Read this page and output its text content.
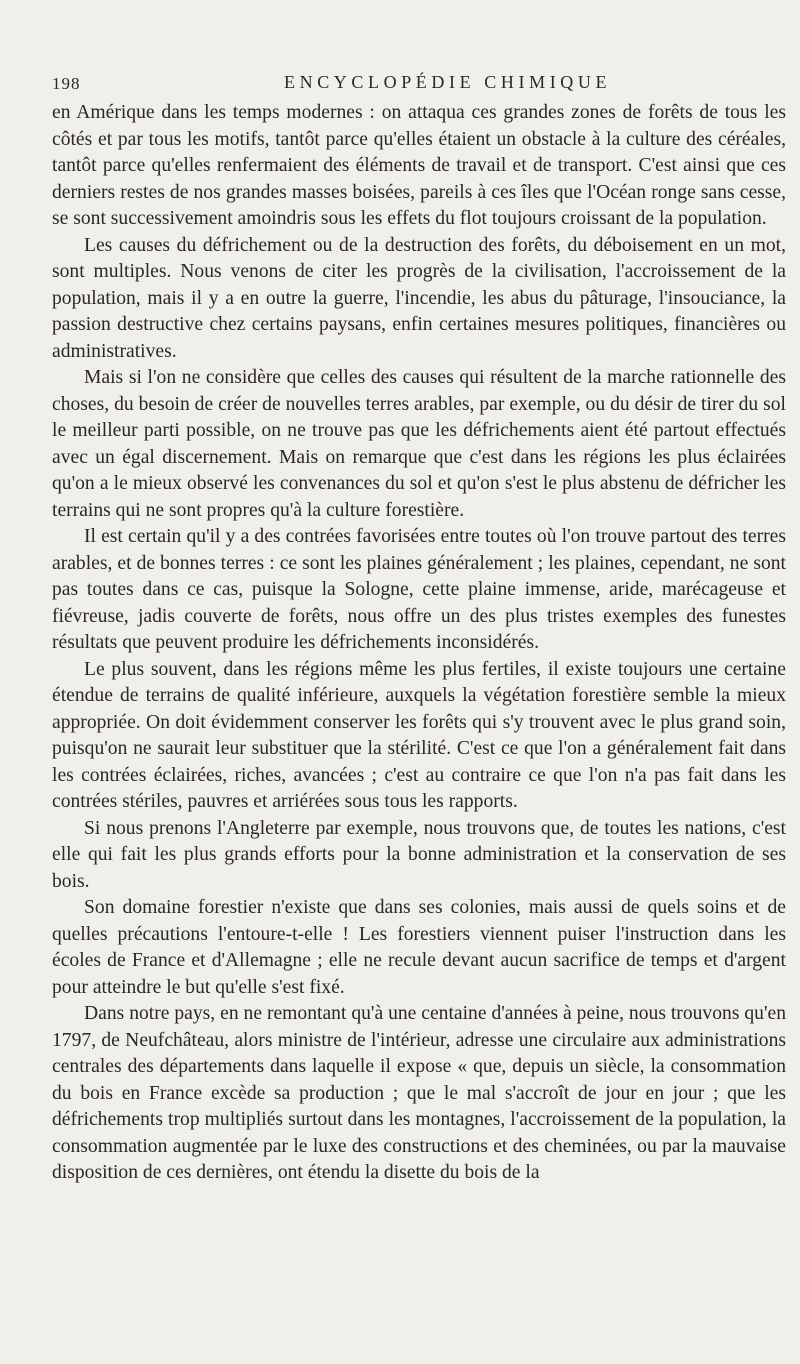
198	ENCYCLOPÉDIE CHIMIQUE

en Amérique dans les temps modernes : on attaqua ces grandes zones de forêts de tous les côtés et par tous les motifs, tantôt parce qu'elles étaient un obstacle à la culture des céréales, tantôt parce qu'elles renfermaient des éléments de travail et de transport. C'est ainsi que ces derniers restes de nos grandes masses boisées, pareils à ces îles que l'Océan ronge sans cesse, se sont successivement amoindris sous les effets du flot toujours croissant de la population.

Les causes du défrichement ou de la destruction des forêts, du déboisement en un mot, sont multiples. Nous venons de citer les progrès de la civilisation, l'accroissement de la population, mais il y a en outre la guerre, l'incendie, les abus du pâturage, l'insouciance, la passion destructive chez certains paysans, enfin certaines mesures politiques, financières ou administratives.

Mais si l'on ne considère que celles des causes qui résultent de la marche rationnelle des choses, du besoin de créer de nouvelles terres arables, par exemple, ou du désir de tirer du sol le meilleur parti possible, on ne trouve pas que les défrichements aient été partout effectués avec un égal discernement. Mais on remarque que c'est dans les régions les plus éclairées qu'on a le mieux observé les convenances du sol et qu'on s'est le plus abstenu de défricher les terrains qui ne sont propres qu'à la culture forestière.

Il est certain qu'il y a des contrées favorisées entre toutes où l'on trouve partout des terres arables, et de bonnes terres : ce sont les plaines généralement ; les plaines, cependant, ne sont pas toutes dans ce cas, puisque la Sologne, cette plaine immense, aride, marécageuse et fiévreuse, jadis couverte de forêts, nous offre un des plus tristes exemples des funestes résultats que peuvent produire les défrichements inconsidérés.

Le plus souvent, dans les régions même les plus fertiles, il existe toujours une certaine étendue de terrains de qualité inférieure, auxquels la végétation forestière semble la mieux appropriée. On doit évidemment conserver les forêts qui s'y trouvent avec le plus grand soin, puisqu'on ne saurait leur substituer que la stérilité. C'est ce que l'on a généralement fait dans les contrées éclairées, riches, avancées ; c'est au contraire ce que l'on n'a pas fait dans les contrées stériles, pauvres et arriérées sous tous les rapports.

Si nous prenons l'Angleterre par exemple, nous trouvons que, de toutes les nations, c'est elle qui fait les plus grands efforts pour la bonne administration et la conservation de ses bois.

Son domaine forestier n'existe que dans ses colonies, mais aussi de quels soins et de quelles précautions l'entoure-t-elle ! Les forestiers viennent puiser l'instruction dans les écoles de France et d'Allemagne ; elle ne recule devant aucun sacrifice de temps et d'argent pour atteindre le but qu'elle s'est fixé.

Dans notre pays, en ne remontant qu'à une centaine d'années à peine, nous trouvons qu'en 1797, de Neufchâteau, alors ministre de l'intérieur, adresse une circulaire aux administrations centrales des départements dans laquelle il expose « que, depuis un siècle, la consommation du bois en France excède sa production ; que le mal s'accroît de jour en jour ; que les défrichements trop multipliés surtout dans les montagnes, l'accroissement de la population, la consommation augmentée par le luxe des constructions et des cheminées, ou par la mauvaise disposition de ces dernières, ont étendu la disette du bois de la
